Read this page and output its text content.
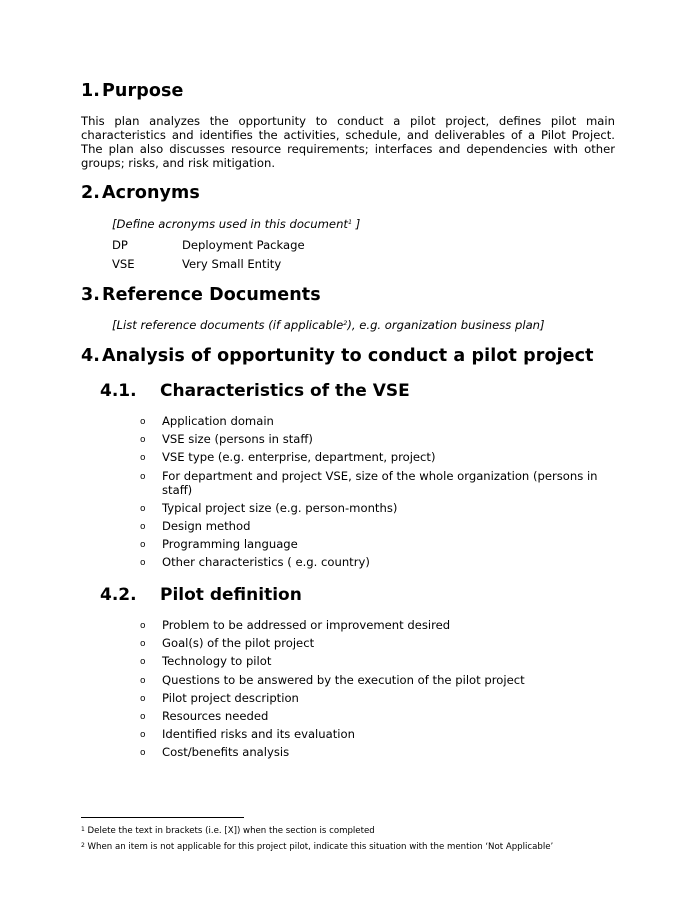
1. Purpose
This plan analyzes the opportunity to conduct a pilot project, defines pilot main characteristics and identifies the activities, schedule, and deliverables of a Pilot Project. The plan also discusses resource requirements; interfaces and dependencies with other groups; risks, and risk mitigation.
2. Acronyms
[Define acronyms used in this document$^1$ ]
DP	Deployment Package
VSE	Very Small Entity
3. Reference Documents
[List reference documents (if applicable$^2$), e.g. organization business plan]
4. Analysis of opportunity to conduct a pilot project
4.1. Characteristics of the VSE
o Application domain
o VSE size (persons in staff)
o VSE type (e.g. enterprise, department, project)
o For department and project VSE, size of the whole organization (persons in staff)
o Typical project size (e.g. person-months)
o Design method
o Programming language
o Other characteristics ( e.g. country)
4.2. Pilot definition
o Problem to be addressed or improvement desired
o Goal(s) of the pilot project
o Technology to pilot
o Questions to be answered by the execution of the pilot project
o Pilot project description
o Resources needed
o Identified risks and its evaluation
o Cost/benefits analysis
$^1$ Delete the text in brackets (i.e. [X]) when the section is completed
$^2$ When an item is not applicable for this project pilot, indicate this situation with the mention ‘Not Applicable’
